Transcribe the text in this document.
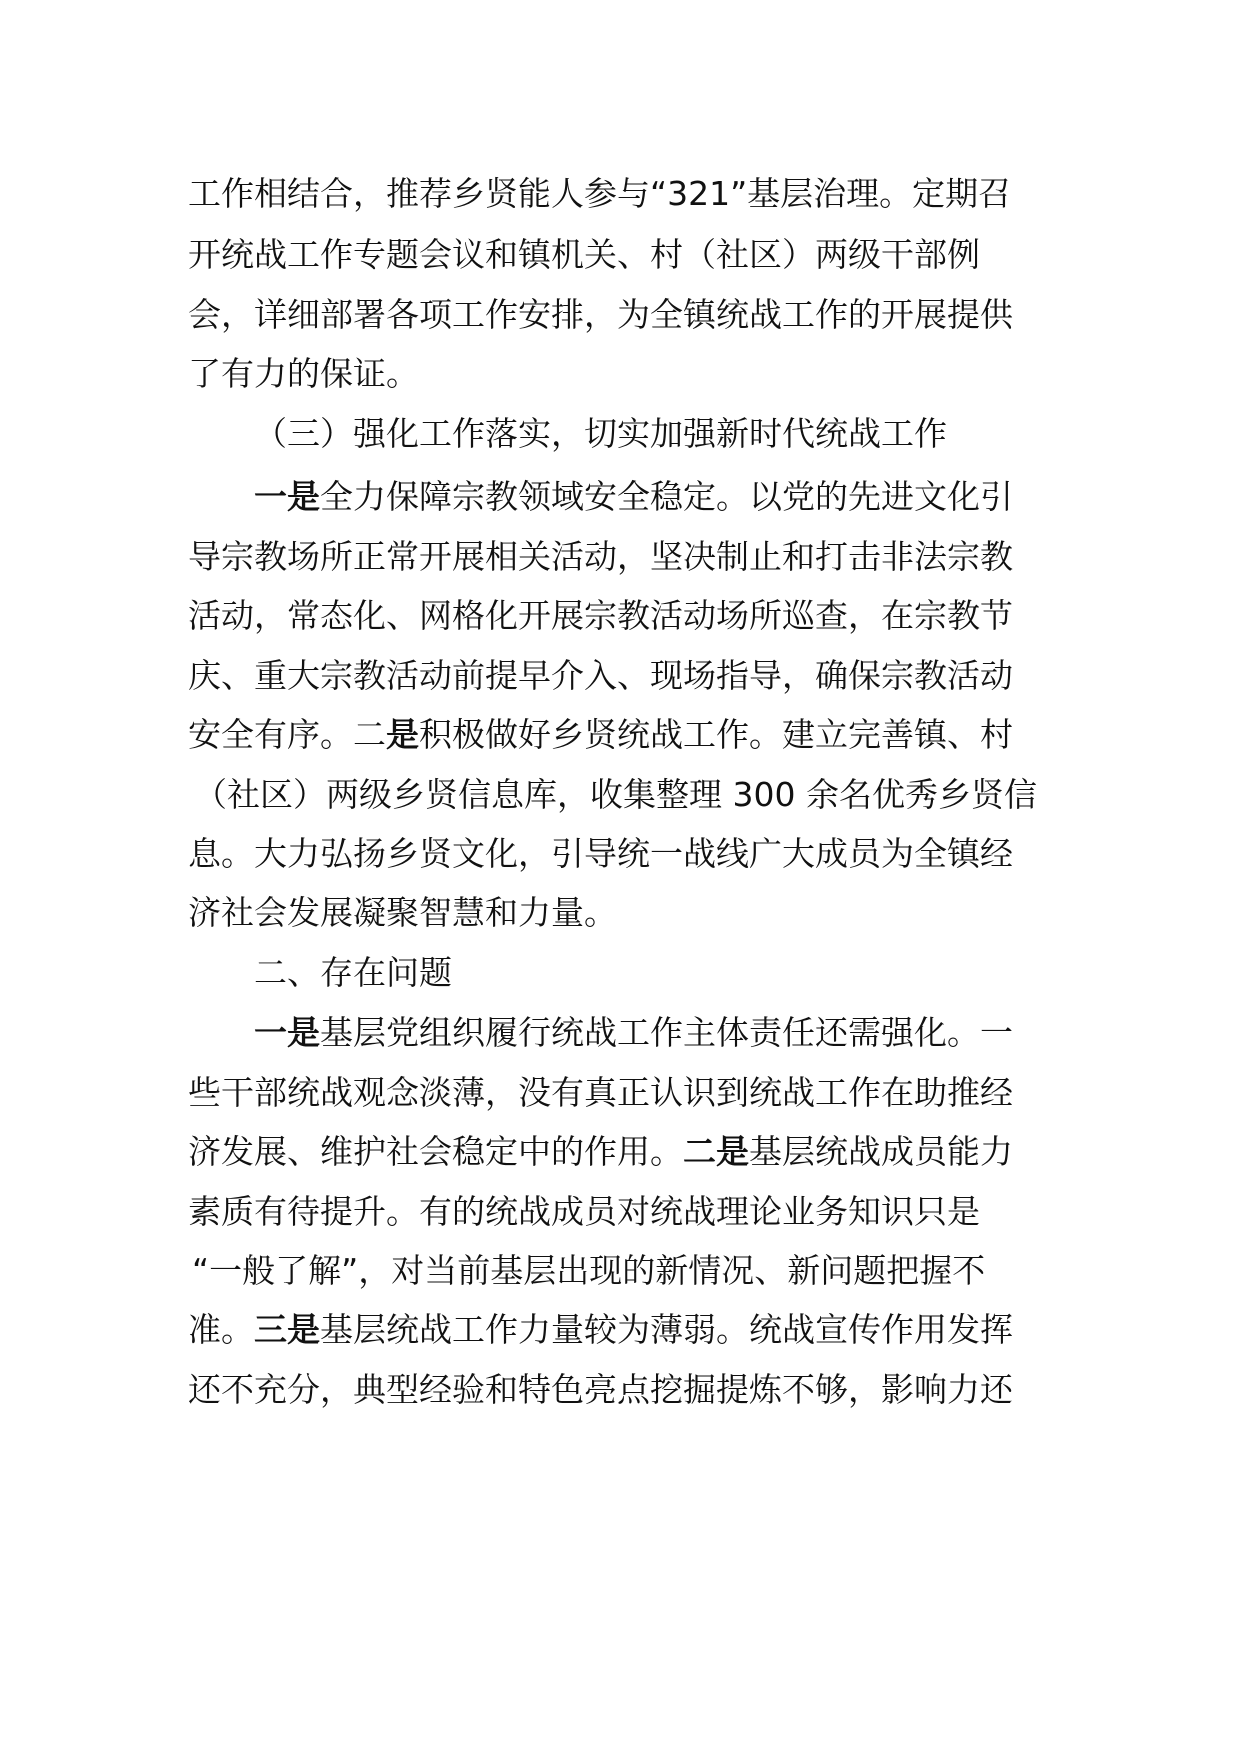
工作相结合，推荐乡贤能人参与“321”基层治理。定期召
开统战工作专题会议和镇机关、村（社区）两级干部例
会，详细部署各项工作安排，为全镇统战工作的开展提供
了有力的保证。
（三）强化工作落实，切实加强新时代统战工作
一是全力保障宗教领域安全稳定。以党的先进文化引
导宗教场所正常开展相关活动，坚决制止和打击非法宗教
活动，常态化、网格化开展宗教活动场所巡查，在宗教节
庆、重大宗教活动前提早介入、现场指导，确保宗教活动
安全有序。二是积极做好乡贤统战工作。建立完善镇、村
（社区）两级乡贤信息库，收集整理 300 余名优秀乡贤信
息。大力弘扬乡贤文化，引导统一战线广大成员为全镇经
济社会发展凝聚智慧和力量。
二、存在问题
一是基层党组织履行统战工作主体责任还需强化。一
些干部统战观念淡薄，没有真正认识到统战工作在助推经
济发展、维护社会稳定中的作用。二是基层统战成员能力
素质有待提升。有的统战成员对统战理论业务知识只是
“一般了解”，对当前基层出现的新情况、新问题把握不
准。三是基层统战工作力量较为薄弱。统战宣传作用发挥
还不充分，典型经验和特色亮点挖掘提炼不够，影响力还
